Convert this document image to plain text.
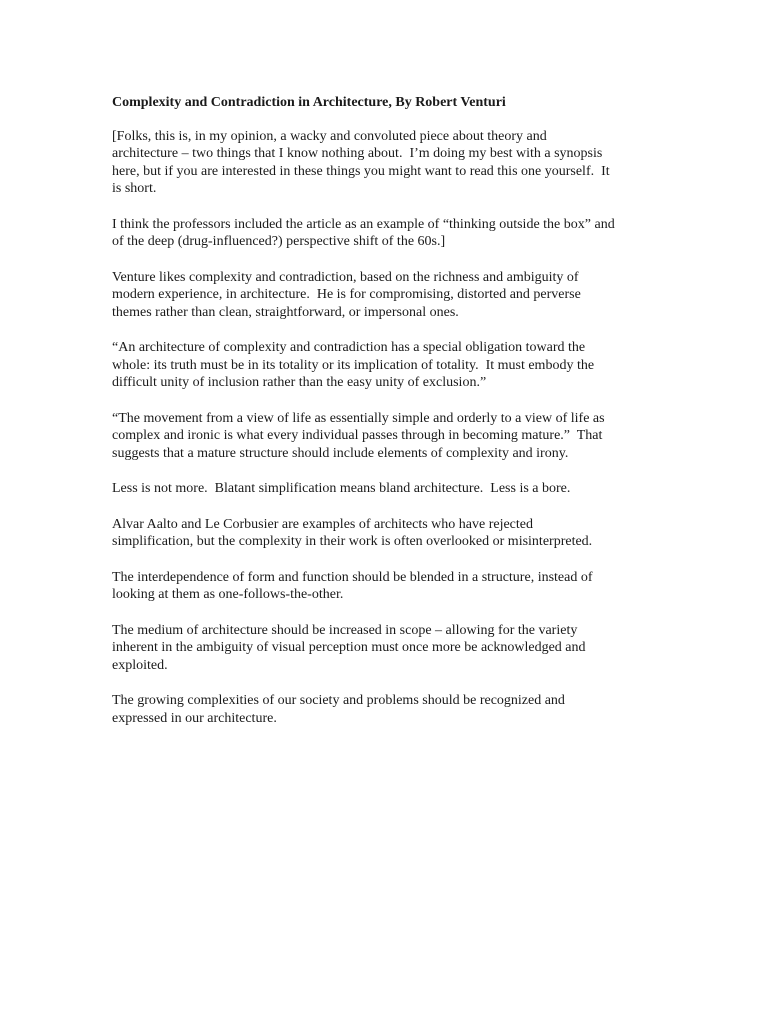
Complexity and Contradiction in Architecture, By Robert Venturi
[Folks, this is, in my opinion, a wacky and convoluted piece about theory and
architecture – two things that I know nothing about.  I’m doing my best with a synopsis
here, but if you are interested in these things you might want to read this one yourself.  It
is short.
I think the professors included the article as an example of “thinking outside the box” and
of the deep (drug-influenced?) perspective shift of the 60s.]
Venture likes complexity and contradiction, based on the richness and ambiguity of
modern experience, in architecture.  He is for compromising, distorted and perverse
themes rather than clean, straightforward, or impersonal ones.
“An architecture of complexity and contradiction has a special obligation toward the
whole: its truth must be in its totality or its implication of totality.  It must embody the
difficult unity of inclusion rather than the easy unity of exclusion.”
“The movement from a view of life as essentially simple and orderly to a view of life as
complex and ironic is what every individual passes through in becoming mature.”  That
suggests that a mature structure should include elements of complexity and irony.
Less is not more.  Blatant simplification means bland architecture.  Less is a bore.
Alvar Aalto and Le Corbusier are examples of architects who have rejected
simplification, but the complexity in their work is often overlooked or misinterpreted.
The interdependence of form and function should be blended in a structure, instead of
looking at them as one-follows-the-other.
The medium of architecture should be increased in scope – allowing for the variety
inherent in the ambiguity of visual perception must once more be acknowledged and
exploited.
The growing complexities of our society and problems should be recognized and
expressed in our architecture.
